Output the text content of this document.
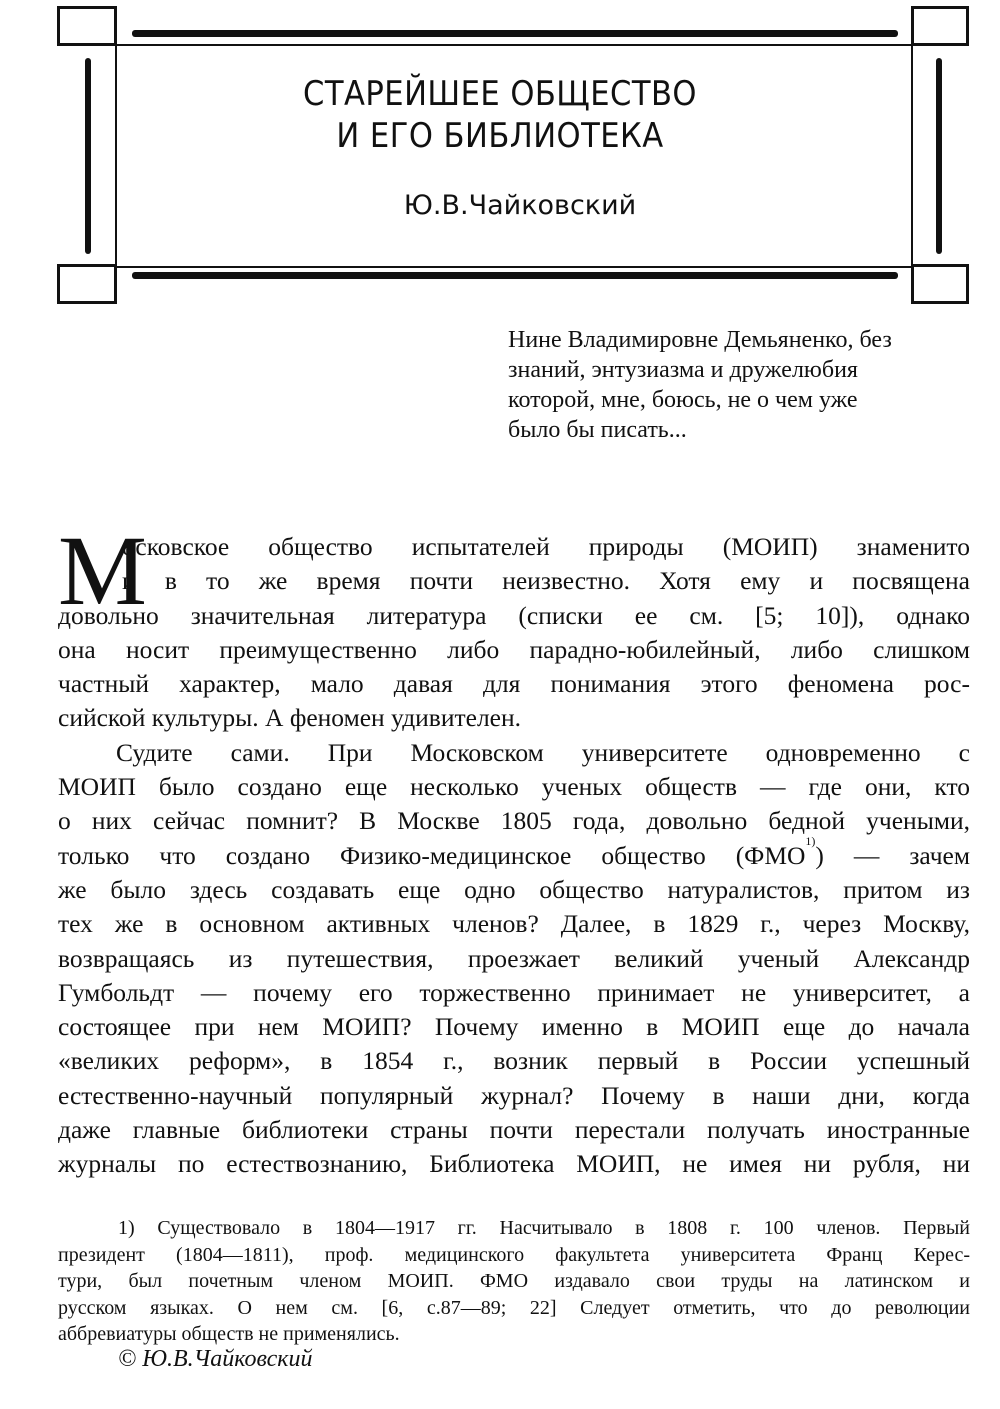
СТАРЕЙШЕЕ ОБЩЕСТВО
И ЕГО БИБЛИОТЕКА
Ю.В.Чайковский
Нине Владимировне Демьяненко, без
знаний, энтузиазма и дружелюбия
которой, мне, боюсь, не о чем уже
было бы писать...
М
осковское общество испытателей природы (МОИП) знаменито
и в то же время почти неизвестно. Хотя ему и посвящена
довольно значительная литература (списки ее см. [5; 10]), однако
она носит преимущественно либо парадно-юбилейный, либо слишком
частный характер, мало давая для понимания этого феномена рос-
сийской культуры. А феномен удивителен.
Судите сами. При Московском университете одновременно с
МОИП было создано еще несколько ученых обществ — где они, кто
о них сейчас помнит? В Москве 1805 года, довольно бедной учеными,
только что создано Физико-медицинское общество (ФМО$^{1)}$) — зачем
же было здесь создавать еще одно общество натуралистов, притом из
тех же в основном активных членов? Далее, в 1829 г., через Москву,
возвращаясь из путешествия, проезжает великий ученый Александр
Гумбольдт — почему его торжественно принимает не университет, а
состоящее при нем МОИП? Почему именно в МОИП еще до начала
«великих реформ», в 1854 г., возник первый в России успешный
естественно-научный популярный журнал? Почему в наши дни, когда
даже главные библиотеки страны почти перестали получать иностранные
журналы по естествознанию, Библиотека МОИП, не имея ни рубля, ни
1) Существовало в 1804—1917 гг. Насчитывало в 1808 г. 100 членов. Первый
президент (1804—1811), проф. медицинского факультета университета Франц Керес-
тури, был почетным членом МОИП. ФМО издавало свои труды на латинском и
русском языках. О нем см. [6, с.87—89; 22] Следует отметить, что до революции
аббревиатуры обществ не применялись.
© Ю.В.Чайковский
